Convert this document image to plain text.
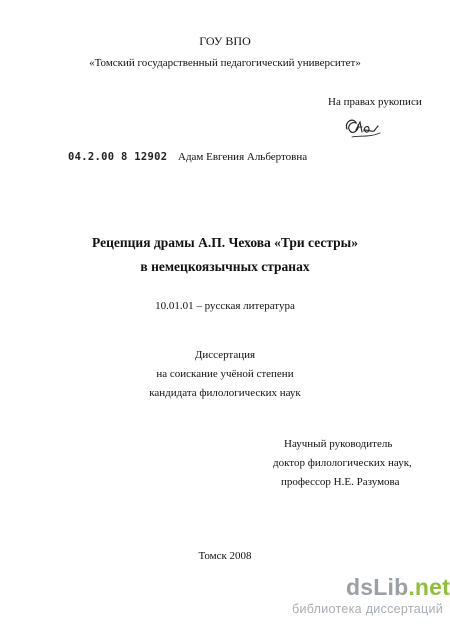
ГОУ ВПО
«Томский государственный педагогический университет»
На правах рукописи
04.2.00 8 12902 Адам Евгения Альбертовна
Рецепция драмы А.П. Чехова «Три сестры»
в немецкоязычных странах
10.01.01 – русская литература
Диссертация
на соискание учёной степени
кандидата филологических наук
Научный руководитель
доктор филологических наук,
профессор Н.Е. Разумова
Томск 2008
dsLib.net
библиотека диссертаций
